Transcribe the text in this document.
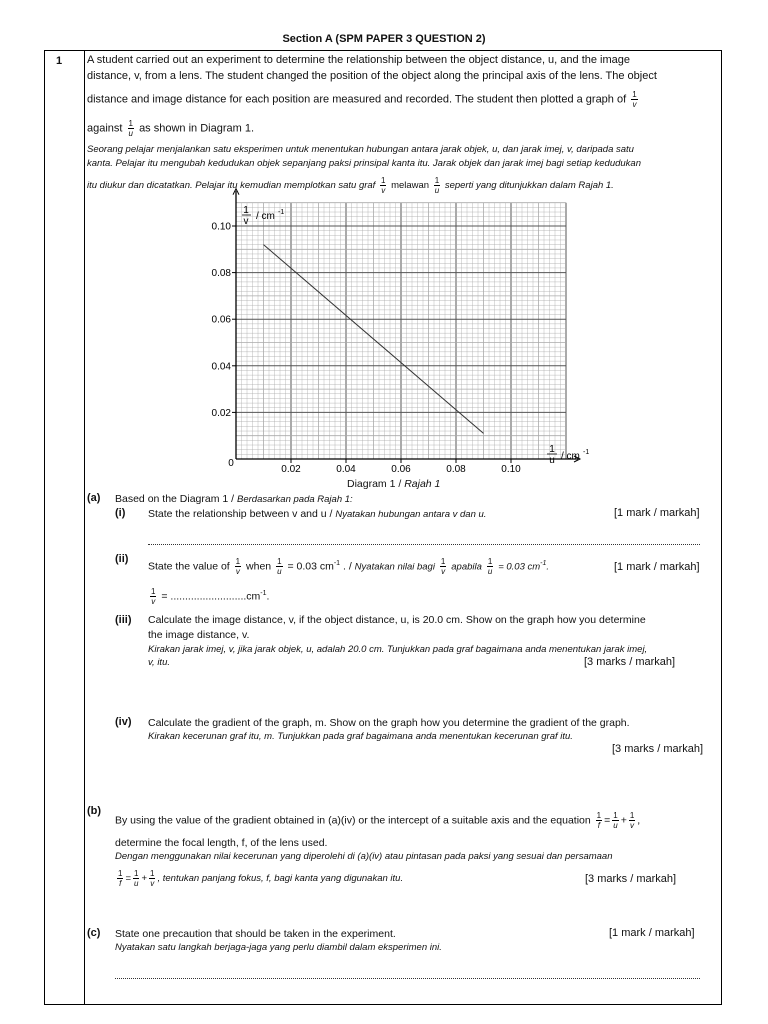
Section A (SPM PAPER 3 QUESTION 2)
1 A student carried out an experiment to determine the relationship between the object distance, u, and the image
distance, v, from a lens. The student changed the position of the object along the principal axis of the lens. The object
distance and image distance for each position are measured and recorded. The student then plotted a graph of $\frac{1}{v}$
against $\frac{1}{u}$ as shown in Diagram 1.
Seorang pelajar menjalankan satu eksperimen untuk menentukan hubungan antara jarak objek, u, dan jarak imej, v, daripada satu
kanta. Pelajar itu mengubah kedudukan objek sepanjang paksi prinsipal kanta itu. Jarak objek dan jarak imej bagi setiap kedudukan
itu diukur dan dicatatkan. Pelajar itu kemudian memplotkan satu graf $\frac{1}{v}$ melawan $\frac{1}{u}$ seperti yang ditunjukkan dalam Rajah 1.
0.02	0.04	0.06	0.08	0.10
0.02
0.04
0.06
0.08
0.10
1
v / cm -1
1
u / cm -1
0
Diagram 1 / Rajah 1
(a) Based on the Diagram 1 / Berdasarkan pada Rajah 1:
(i) State the relationship between v and u / Nyatakan hubungan antara v dan u.	[1 mark / markah]
(ii)
State the value of $\frac{1}{v}$ when $\frac{1}{u} = 0.03$ $cm^{-1}$ . / Nyatakan nilai bagi $\frac{1}{v}$ apabila $\frac{1}{u} = 0.03$ $cm^{-1}$.	[1 mark / markah]
$\frac{1}{v} = ..........................cm^{-1}$.
(iii) Calculate the image distance, v, if the object distance, u, is 20.0 cm. Show on the graph how you determine
the image distance, v.
Kirakan jarak imej, v, jika jarak objek, u, adalah 20.0 cm. Tunjukkan pada graf bagaimana anda menentukan jarak imej,
v, itu.	[3 marks / markah]
(iv) Calculate the gradient of the graph, m. Show on the graph how you determine the gradient of the graph.
Kirakan kecerunan graf itu, m. Tunjukkan pada graf bagaimana anda menentukan kecerunan graf itu.
[3 marks / markah]
(b)
By using the value of the gradient obtained in (a)(iv) or the intercept of a suitable axis and the equation $\frac{1}{f} = \frac{1}{u} + \frac{1}{v}$ ,
determine the focal length, f, of the lens used.
Dengan menggunakan nilai kecerunan yang diperolehi di (a)(iv) atau pintasan pada paksi yang sesuai dan persamaan
$\frac{1}{f} = \frac{1}{u} + \frac{1}{v}$ , tentukan panjang fokus, f, bagi kanta yang digunakan itu.	[3 marks / markah]
(c) State one precaution that should be taken in the experiment.
Nyatakan satu langkah berjaga-jaga yang perlu diambil dalam eksperimen ini.
[1 mark / markah]
